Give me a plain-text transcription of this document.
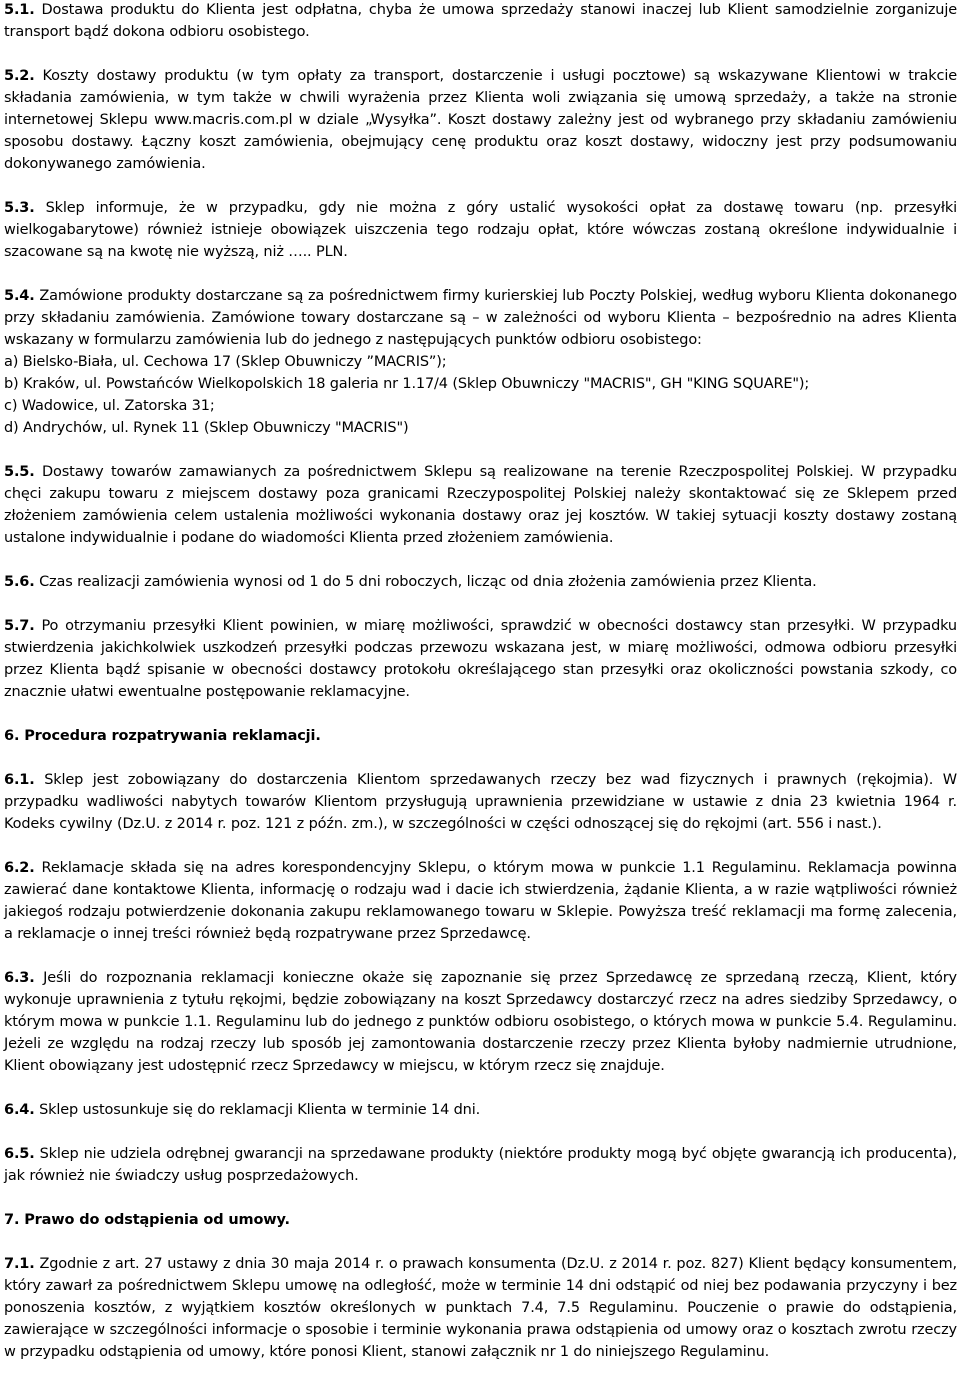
5.1. Dostawa produktu do Klienta jest odpłatna, chyba że umowa sprzedaży stanowi inaczej lub Klient samodzielnie zorganizuje transport bądź dokona odbioru osobistego.

5.2. Koszty dostawy produktu (w tym opłaty za transport, dostarczenie i usługi pocztowe) są wskazywane Klientowi w trakcie składania zamówienia, w tym także w chwili wyrażenia przez Klienta woli związania się umową sprzedaży, a także na stronie internetowej Sklepu www.macris.com.pl w dziale „Wysyłka”. Koszt dostawy zależny jest od wybranego przy składaniu zamówieniu sposobu dostawy. Łączny koszt zamówienia, obejmujący cenę produktu oraz koszt dostawy, widoczny jest przy podsumowaniu dokonywanego zamówienia.

5.3. Sklep informuje, że w przypadku, gdy nie można z góry ustalić wysokości opłat za dostawę towaru (np. przesyłki wielkogabarytowe) również istnieje obowiązek uiszczenia tego rodzaju opłat, które wówczas zostaną określone indywidualnie i szacowane są na kwotę nie wyższą, niż ….. PLN.

5.4. Zamówione produkty dostarczane są za pośrednictwem firmy kurierskiej lub Poczty Polskiej, według wyboru Klienta dokonanego przy składaniu zamówienia. Zamówione towary dostarczane są – w zależności od wyboru Klienta – bezpośrednio na adres Klienta wskazany w formularzu zamówienia lub do jednego z następujących punktów odbioru osobistego:
a) Bielsko-Biała, ul. Cechowa 17 (Sklep Obuwniczy ”MACRIS”);
b) Kraków, ul. Powstańców Wielkopolskich 18 galeria nr 1.17/4 (Sklep Obuwniczy "MACRIS", GH "KING SQUARE");
c) Wadowice, ul. Zatorska 31;
d) Andrychów, ul. Rynek 11 (Sklep Obuwniczy "MACRIS")

5.5. Dostawy towarów zamawianych za pośrednictwem Sklepu są realizowane na terenie Rzeczpospolitej Polskiej. W przypadku chęci zakupu towaru z miejscem dostawy poza granicami Rzeczypospolitej Polskiej należy skontaktować się ze Sklepem przed złożeniem zamówienia celem ustalenia możliwości wykonania dostawy oraz jej kosztów. W takiej sytuacji koszty dostawy zostaną ustalone indywidualnie i podane do wiadomości Klienta przed złożeniem zamówienia.

5.6. Czas realizacji zamówienia wynosi od 1 do 5 dni roboczych, licząc od dnia złożenia zamówienia przez Klienta.

5.7. Po otrzymaniu przesyłki Klient powinien, w miarę możliwości, sprawdzić w obecności dostawcy stan przesyłki. W przypadku stwierdzenia jakichkolwiek uszkodzeń przesyłki podczas przewozu wskazana jest, w miarę możliwości, odmowa odbioru przesyłki przez Klienta bądź spisanie w obecności dostawcy protokołu określającego stan przesyłki oraz okoliczności powstania szkody, co znacznie ułatwi ewentualne postępowanie reklamacyjne.

6. Procedura rozpatrywania reklamacji.

6.1. Sklep jest zobowiązany do dostarczenia Klientom sprzedawanych rzeczy bez wad fizycznych i prawnych (rękojmia). W przypadku wadliwości nabytych towarów Klientom przysługują uprawnienia przewidziane w ustawie z dnia 23 kwietnia 1964 r. Kodeks cywilny (Dz.U. z 2014 r. poz. 121 z późn. zm.), w szczególności w części odnoszącej się do rękojmi (art. 556 i nast.).

6.2. Reklamacje składa się na adres korespondencyjny Sklepu, o którym mowa w punkcie 1.1 Regulaminu. Reklamacja powinna zawierać dane kontaktowe Klienta, informację o rodzaju wad i dacie ich stwierdzenia, żądanie Klienta, a w razie wątpliwości również jakiegoś rodzaju potwierdzenie dokonania zakupu reklamowanego towaru w Sklepie. Powyższa treść reklamacji ma formę zalecenia, a reklamacje o innej treści również będą rozpatrywane przez Sprzedawcę.

6.3. Jeśli do rozpoznania reklamacji konieczne okaże się zapoznanie się przez Sprzedawcę ze sprzedaną rzeczą, Klient, który wykonuje uprawnienia z tytułu rękojmi, będzie zobowiązany na koszt Sprzedawcy dostarczyć rzecz na adres siedziby Sprzedawcy, o którym mowa w punkcie 1.1. Regulaminu lub do jednego z punktów odbioru osobistego, o których mowa w punkcie 5.4. Regulaminu. Jeżeli ze względu na rodzaj rzeczy lub sposób jej zamontowania dostarczenie rzeczy przez Klienta byłoby nadmiernie utrudnione, Klient obowiązany jest udostępnić rzecz Sprzedawcy w miejscu, w którym rzecz się znajduje.

6.4. Sklep ustosunkuje się do reklamacji Klienta w terminie 14 dni.

6.5. Sklep nie udziela odrębnej gwarancji na sprzedawane produkty (niektóre produkty mogą być objęte gwarancją ich producenta), jak również nie świadczy usług posprzedażowych.

7. Prawo do odstąpienia od umowy.

7.1. Zgodnie z art. 27 ustawy z dnia 30 maja 2014 r. o prawach konsumenta (Dz.U. z 2014 r. poz. 827) Klient będący konsumentem, który zawarł za pośrednictwem Sklepu umowę na odległość, może w terminie 14 dni odstąpić od niej bez podawania przyczyny i bez ponoszenia kosztów, z wyjątkiem kosztów określonych w punktach 7.4, 7.5 Regulaminu. Pouczenie o prawie do odstąpienia, zawierające w szczególności informacje o sposobie i terminie wykonania prawa odstąpienia od umowy oraz o kosztach zwrotu rzeczy w przypadku odstąpienia od umowy, które ponosi Klient, stanowi załącznik nr 1 do niniejszego Regulaminu.
